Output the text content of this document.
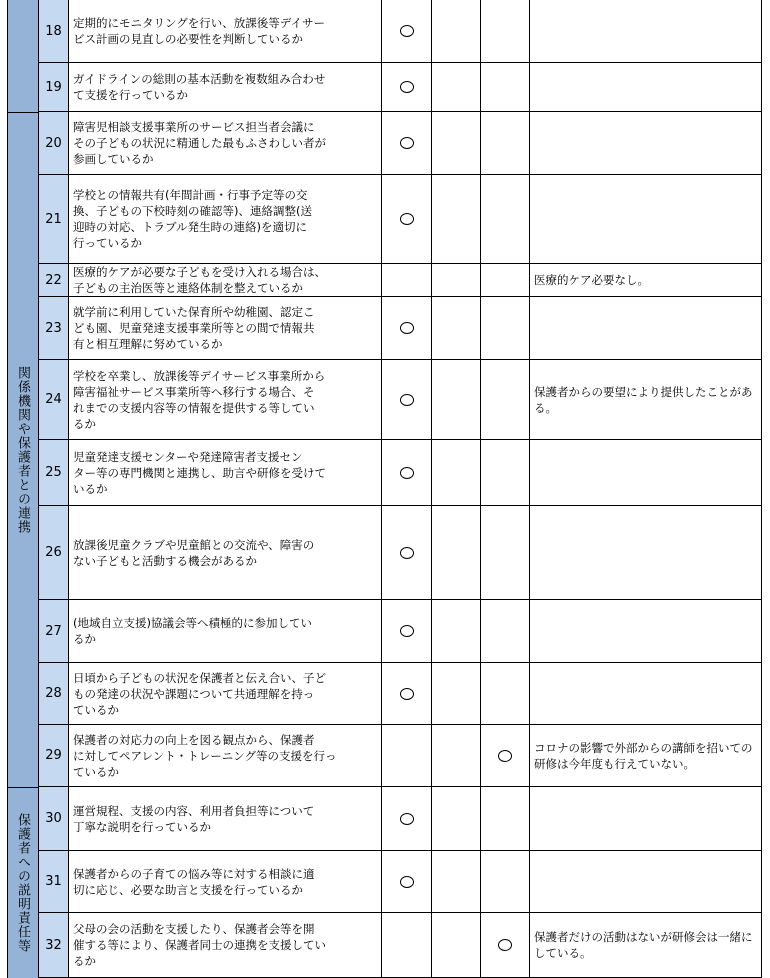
18
定期的にモニタリングを行い、放課後等デイサー
ビス計画の見直しの必要性を判断しているか
19
ガイドラインの総則の基本活動を複数組み合わせ
て支援を行っているか
20
障害児相談支援事業所のサービス担当者会議に
その子どもの状況に精通した最もふさわしい者が
参画しているか
21
学校との情報共有(年間計画・行事予定等の交
換、子どもの下校時刻の確認等)、連絡調整(送
迎時の対応、トラブル発生時の連絡)を適切に
行っているか
22
医療的ケアが必要な子どもを受け入れる場合は、
子どもの主治医等と連絡体制を整えているか
医療的ケア必要なし。
23
就学前に利用していた保育所や幼稚園、認定こ
ども園、児童発達支援事業所等との間で情報共
有と相互理解に努めているか
24
学校を卒業し、放課後等デイサービス事業所から
障害福祉サービス事業所等へ移行する場合、そ
れまでの支援内容等の情報を提供する等してい
るか
保護者からの要望により提供したことがある。
25
児童発達支援センターや発達障害者支援セン
ター等の専門機関と連携し、助言や研修を受けて
いるか
26
放課後児童クラブや児童館との交流や、障害の
ない子どもと活動する機会があるか
27
(地域自立支援)協議会等へ積極的に参加してい
るか
28
日頃から子どもの状況を保護者と伝え合い、子ど
もの発達の状況や課題について共通理解を持っ
ているか
29
保護者の対応力の向上を図る観点から、保護者
に対してペアレント・トレーニング等の支援を行っ
ているか
コロナの影響で外部からの講師を招いての研修は今年度も行えていない。
30
運営規程、支援の内容、利用者負担等について
丁寧な説明を行っているか
31
保護者からの子育ての悩み等に対する相談に適
切に応じ、必要な助言と支援を行っているか
32
父母の会の活動を支援したり、保護者会等を開
催する等により、保護者同士の連携を支援してい
るか
保護者だけの活動はないが研修会は一緒にしている。
関係機関や保護者との連携
保護者への説明責任等
